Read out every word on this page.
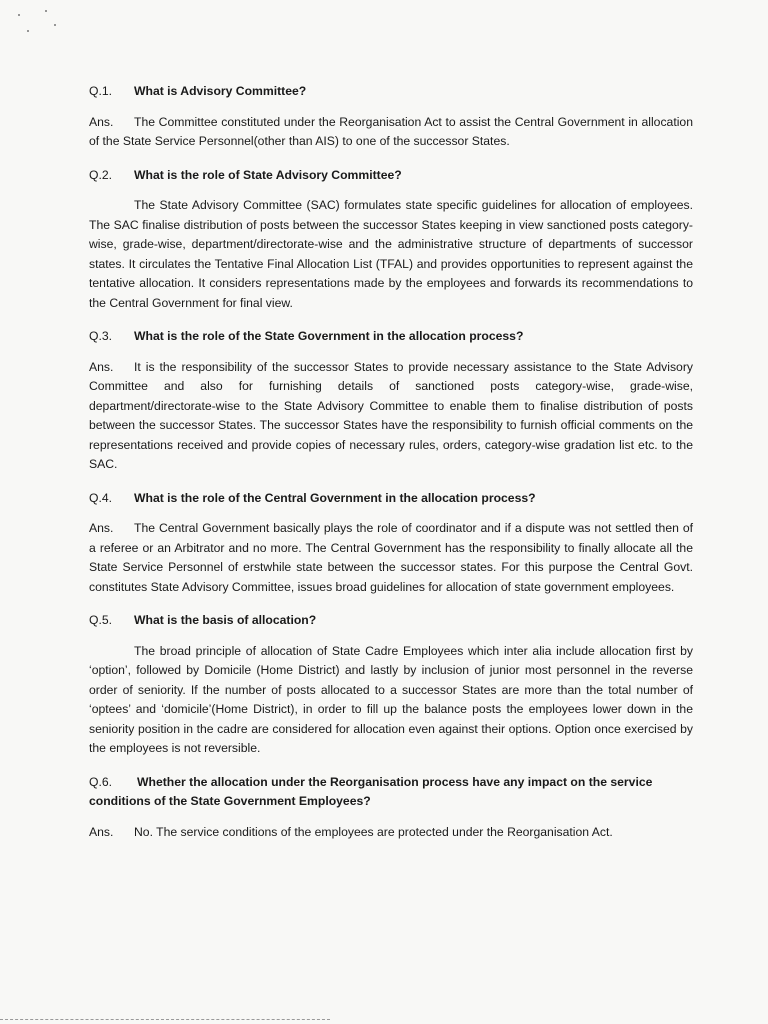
Q.1.	What is Advisory Committee?

Ans. The Committee constituted under the Reorganisation Act to assist the Central Government in allocation of the State Service Personnel(other than AIS) to one of the successor States.

Q.2.	What is the role of State Advisory Committee?

The State Advisory Committee (SAC) formulates state specific guidelines for allocation of employees. The SAC finalise distribution of posts between the successor States keeping in view sanctioned posts category-wise, grade-wise, department/directorate-wise and the administrative structure of departments of successor states. It circulates the Tentative Final Allocation List (TFAL) and provides opportunities to represent against the tentative allocation. It considers representations made by the employees and forwards its recommendations to the Central Government for final view.

Q.3.	What is the role of the State Government in the allocation process?

Ans. It is the responsibility of the successor States to provide necessary assistance to the State Advisory Committee and also for furnishing details of sanctioned posts category-wise, grade-wise, department/directorate-wise to the State Advisory Committee to enable them to finalise distribution of posts between the successor States. The successor States have the responsibility to furnish official comments on the representations received and provide copies of necessary rules, orders, category-wise gradation list etc. to the SAC.

Q.4.	What is the role of the Central Government in the allocation process?

Ans. The Central Government basically plays the role of coordinator and if a dispute was not settled then of a referee or an Arbitrator and no more. The Central Government has the responsibility to finally allocate all the State Service Personnel of erstwhile state between the successor states. For this purpose the Central Govt. constitutes State Advisory Committee, issues broad guidelines for allocation of state government employees.

Q.5.	What is the basis of allocation?

The broad principle of allocation of State Cadre Employees which inter alia include allocation first by ‘option’, followed by Domicile (Home District) and lastly by inclusion of junior most personnel in the reverse order of seniority. If the number of posts allocated to a successor States are more than the total number of ‘optees’ and ‘domicile’(Home District), in order to fill up the balance posts the employees lower down in the seniority position in the cadre are considered for allocation even against their options. Option once exercised by the employees is not reversible.

Q.6. Whether the allocation under the Reorganisation process have any impact on the service conditions of the State Government Employees?

Ans. No. The service conditions of the employees are protected under the Reorganisation Act.
